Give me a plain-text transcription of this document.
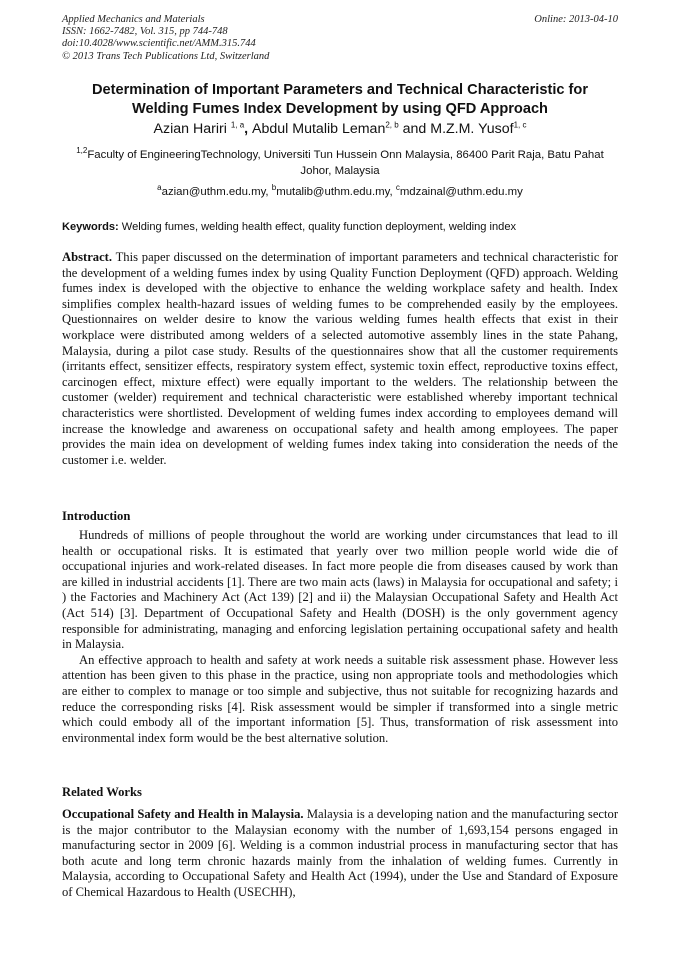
Applied Mechanics and Materials
ISSN: 1662-7482, Vol. 315, pp 744-748
doi:10.4028/www.scientific.net/AMM.315.744
© 2013 Trans Tech Publications Ltd, Switzerland
Online: 2013-04-10
Determination of Important Parameters and Technical Characteristic for Welding Fumes Index Development by using QFD Approach
Azian Hariri $^{1, a}$, Abdul Mutalib Leman$^{2, b}$ and M.Z.M. Yusof$^{1, c}$
$^{1,2}$Faculty of EngineeringTechnology, Universiti Tun Hussein Onn Malaysia, 86400 Parit Raja, Batu Pahat Johor, Malaysia
$^a$azian@uthm.edu.my, $^b$mutalib@uthm.edu.my, $^c$mdzainal@uthm.edu.my
Keywords: Welding fumes, welding health effect, quality function deployment, welding index
Abstract. This paper discussed on the determination of important parameters and technical characteristic for the development of a welding fumes index by using Quality Function Deployment (QFD) approach. Welding fumes index is developed with the objective to enhance the welding workplace safety and health. Index simplifies complex health-hazard issues of welding fumes to be comprehended easily by the employees. Questionnaires on welder desire to know the various welding fumes health effects that exist in their workplace were distributed among welders of a selected automotive assembly lines in the state Pahang, Malaysia, during a pilot case study. Results of the questionnaires show that all the customer requirements (irritants effect, sensitizer effects, respiratory system effect, systemic toxin effect, reproductive toxins effect, carcinogen effect, mixture effect) were equally important to the welders. The relationship between the customer (welder) requirement and technical characteristic were established whereby important technical characteristics were shortlisted. Development of welding fumes index according to employees demand will increase the knowledge and awareness on occupational safety and health among employees. The paper provides the main idea on development of welding fumes index taking into consideration the needs of the customer i.e. welder.
Introduction

Hundreds of millions of people throughout the world are working under circumstances that lead to ill health or occupational risks. It is estimated that yearly over two million people world wide die of occupational injuries and work-related diseases. In fact more people die from diseases caused by work than are killed in industrial accidents [1]. There are two main acts (laws) in Malaysia for occupational and safety; i ) the Factories and Machinery Act (Act 139) [2] and ii) the Malaysian Occupational Safety and Health Act (Act 514) [3]. Department of Occupational Safety and Health (DOSH) is the only government agency responsible for administrating, managing and enforcing legislation pertaining occupational safety and health in Malaysia.

An effective approach to health and safety at work needs a suitable risk assessment phase. However less attention has been given to this phase in the practice, using non appropriate tools and methodologies which are either to complex to manage or too simple and subjective, thus not suitable for recognizing hazards and reduce the corresponding risks [4]. Risk assessment would be simpler if transformed into a single metric which could embody all of the important information [5]. Thus, transformation of risk assessment into environmental index form would be the best alternative solution.

Related Works
Occupational Safety and Health in Malaysia. Malaysia is a developing nation and the manufacturing sector is the major contributor to the Malaysian economy with the number of 1,693,154 persons engaged in manufacturing sector in 2009 [6]. Welding is a common industrial process in manufacturing sector that has both acute and long term chronic hazards mainly from the inhalation of welding fumes. Currently in Malaysia, according to Occupational Safety and Health Act (1994), under the Use and Standard of Exposure of Chemical Hazardous to Health (USECHH),
